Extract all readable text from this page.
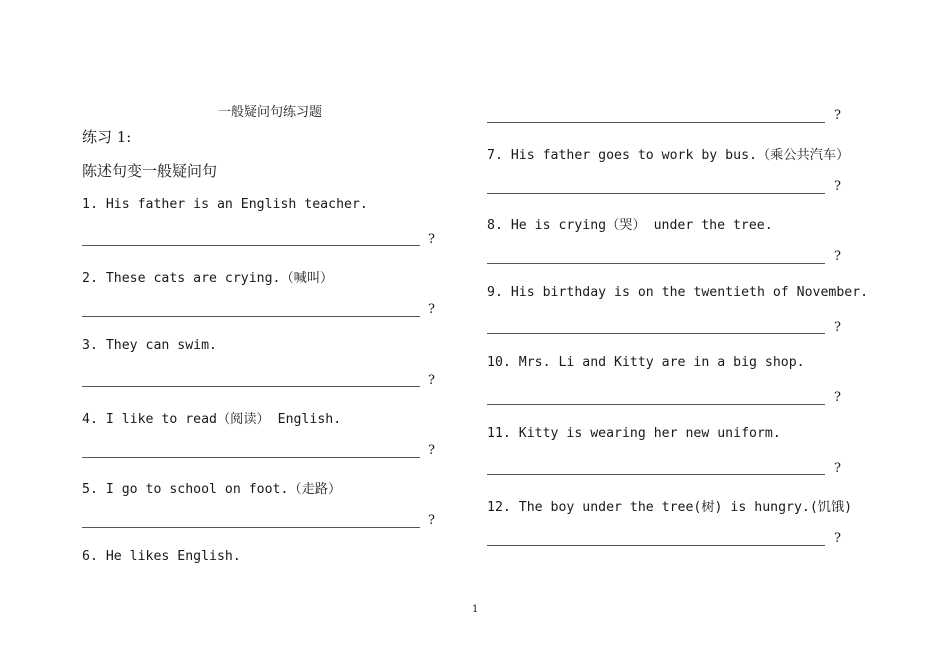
一般疑问句练习题
练习 1:
陈述句变一般疑问句
1. His father is an English teacher.
?
2. These cats are crying.（喊叫）
?
3. They can swim.
?
4. I like to read（阅读） English.
?
5. I go to school on foot.（走路）
?
6. He likes English.
?
7. His father goes to work by bus.（乘公共汽车）
?
8. He is crying（哭） under the tree.
?
9. His birthday is on the twentieth of November.
?
10. Mrs. Li and Kitty are in a big shop.
?
11. Kitty is wearing her new uniform.
?
12. The boy under the tree(树) is hungry.(饥饿)
?
1
